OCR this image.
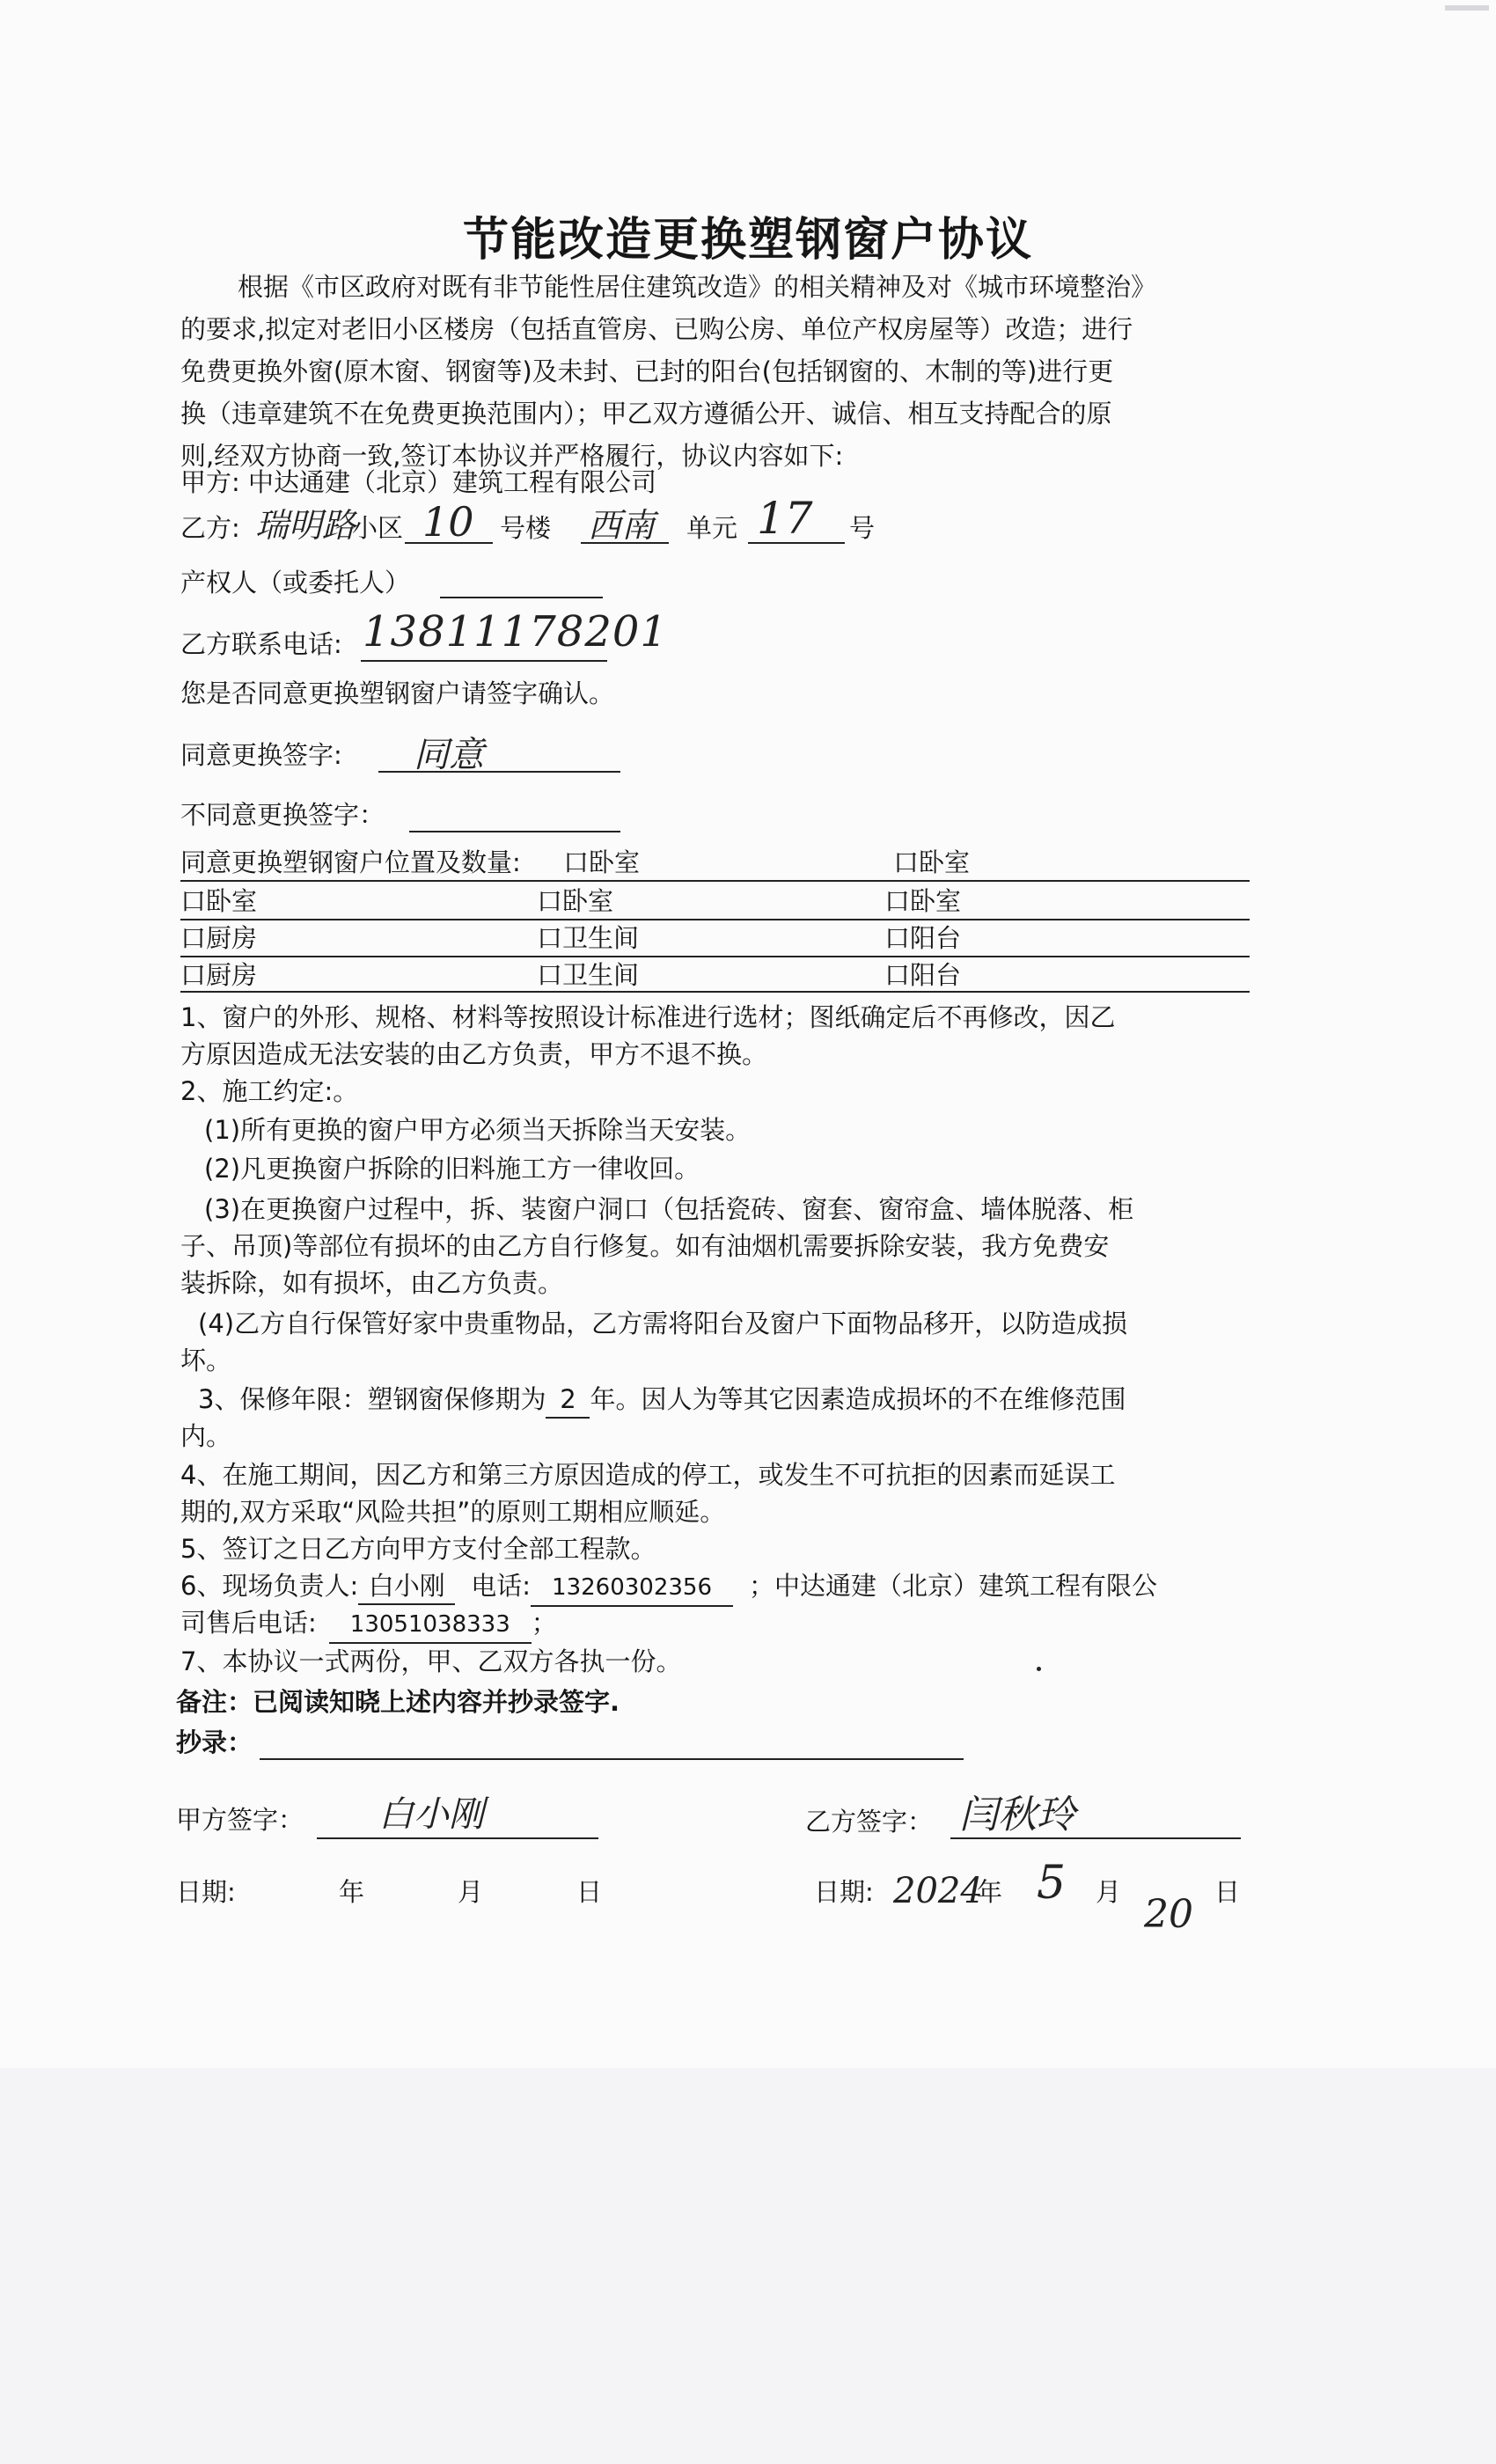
节能改造更换塑钢窗户协议
根据《市区政府对既有非节能性居住建筑改造》的相关精神及对《城市环境整治》
的要求,拟定对老旧小区楼房（包括直管房、已购公房、单位产权房屋等）改造；进行
免费更换外窗(原木窗、钢窗等)及未封、已封的阳台(包括钢窗的、木制的等)进行更
换（违章建筑不在免费更换范围内）；甲乙双方遵循公开、诚信、相互支持配合的原
则,经双方协商一致,签订本协议并严格履行，协议内容如下:
甲方: 中达通建（北京）建筑工程有限公司
乙方: 瑞明路
小区 10 号楼 西南 单元 17 号
产权人（或委托人）
乙方联系电话: 13811178201
您是否同意更换塑钢窗户请签字确认。
同意更换签字: 同意
不同意更换签字：
同意更换塑钢窗户位置及数量: 口卧室	口卧室
口卧室	口卧室	口卧室
口厨房	口卫生间	口阳台
口厨房	口卫生间	口阳台
1、窗户的外形、规格、材料等按照设计标准进行选材；图纸确定后不再修改，因乙
方原因造成无法安装的由乙方负责，甲方不退不换。
2、施工约定:。
(1)所有更换的窗户甲方必须当天拆除当天安装。
(2)凡更换窗户拆除的旧料施工方一律收回。
(3)在更换窗户过程中，拆、装窗户洞口（包括瓷砖、窗套、窗帘盒、墙体脱落、柜
子、吊顶)等部位有损坏的由乙方自行修复。如有油烟机需要拆除安装，我方免费安
装拆除，如有损坏，由乙方负责。
(4)乙方自行保管好家中贵重物品，乙方需将阳台及窗户下面物品移开，以防造成损
坏。
3、保修年限：塑钢窗保修期为 2 年。因人为等其它因素造成损坏的不在维修范围
内。
4、在施工期间，因乙方和第三方原因造成的停工，或发生不可抗拒的因素而延误工
期的,双方采取“风险共担”的原则工期相应顺延。
5、签订之日乙方向甲方支付全部工程款。
6、现场负责人: 白小刚 电话: 13260302356 ；中达通建（北京）建筑工程有限公
司售后电话: 13051038333 ；
7、本协议一式两份，甲、乙双方各执一份。
备注：已阅读知晓上述内容并抄录签字.
抄录：
甲方签字： 白小刚	乙方签字： 闫秋玲
日期:	年	月	日	日期: 2024
年 5 月 20 日
